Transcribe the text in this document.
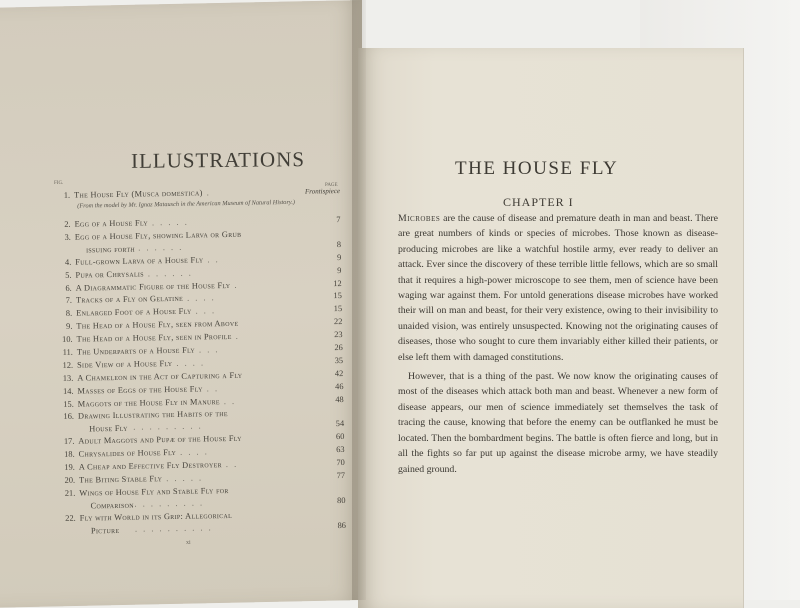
ILLUSTRATIONS
FIG.	PAGE
1. The House Fly (Musca domestica) .	Frontispiece
(From the model by Mr. Ignaz Matausch in the American Museum of Natural History.)
2. Egg of a House Fly . . . . .	7
3. Egg of a House Fly, showing Larva or Grub
issuing forth
. . . . . . .	8
4. Full-grown Larva of a House Fly . .	9
5. Pupa or Chrysalis . . . . . .	9
6. A Diagrammatic Figure of the House Fly .	12
7. Tracks of a Fly on Gelatine . . . .	15
8. Enlarged Foot of a House Fly . . .	15
9. The Head of a House Fly, seen from Above	22
10. The Head of a House Fly, seen in Profile .	23
11. The Underparts of a House Fly . . .	26
12. Side View of a House Fly . . . .	35
13. A Chameleon in the Act of Capturing a Fly	42
14. Masses of Eggs of the House Fly . .	46
15. Maggots of the House Fly in Manure . .	48
16. Drawing Illustrating the Habits of the
House Fly . . . . . . . . .	54
17. Adult Maggots and Pupæ of the House Fly	60
18. Chrysalides of House Fly . . . .	63
19. A Cheap and Effective Fly Destroyer . .	70
20. The Biting Stable Fly . . . . .	77
21. Wings of House Fly and Stable Fly for
Comparison . . . . . . . . .	80
22. Fly with World in its Grip: Allegorical
Picture	. . . . . . . . . .	86
xi
THE HOUSE FLY
CHAPTER I

Microbes are the cause of disease and premature death in man and beast. There are great numbers of kinds or species of microbes. Those known as disease-producing microbes are like a watchful hostile army, ever ready to deliver an attack. Ever since the discovery of these terrible little fellows, which are so small that it requires a high-power microscope to see them, men of science have been waging war against them. For untold generations disease microbes have worked their will on man and beast, for their very existence, owing to their invisibility to unaided vision, was entirely unsuspected. Knowing not the originating causes of diseases, those who sought to cure them invariably either killed their patients, or else left them with damaged constitutions.

However, that is a thing of the past. We now know the originating causes of most of the diseases which attack both man and beast. Whenever a new form of disease appears, our men of science immediately set themselves the task of tracing the cause, knowing that before the enemy can be outflanked he must be located. Then the bombardment begins. The battle is often fierce and long, but in all the fights so far put up against the disease microbe army, we have steadily gained ground.
